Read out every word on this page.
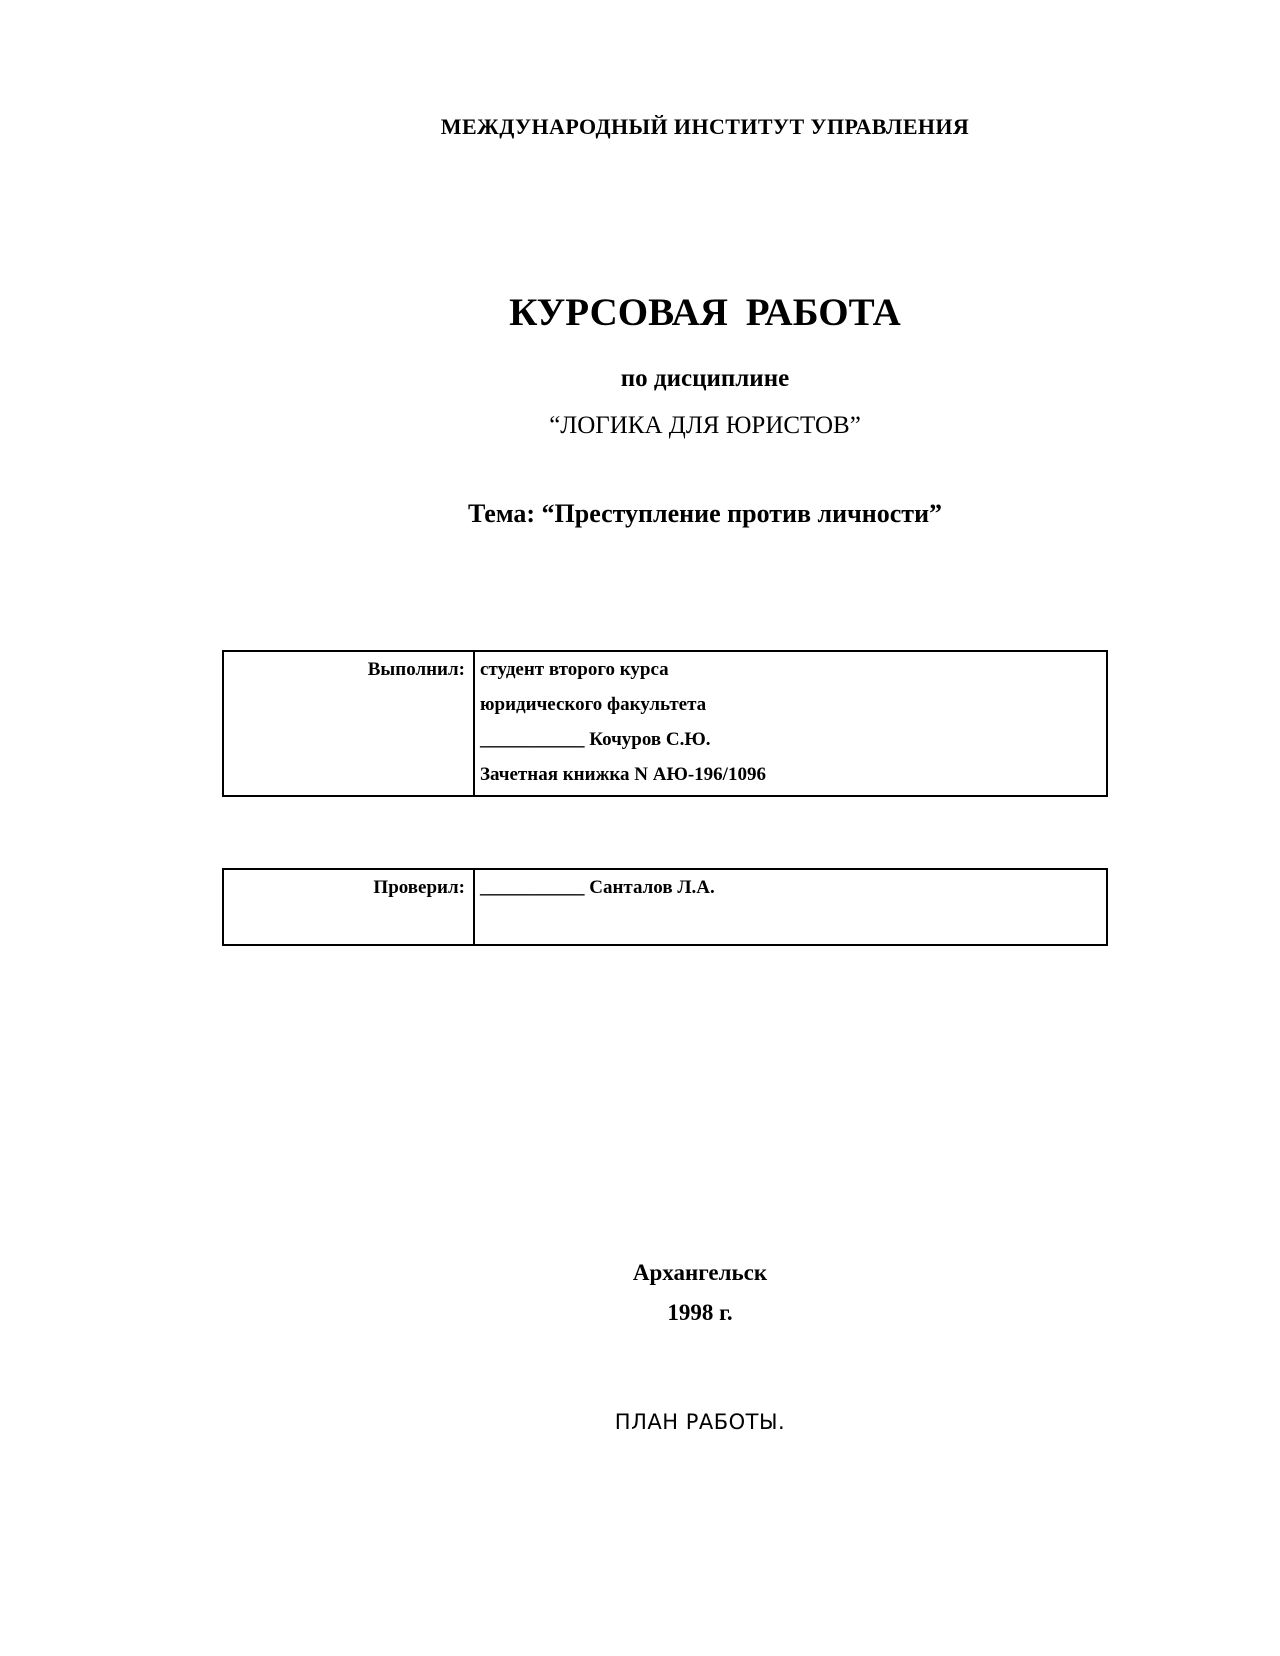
МЕЖДУНАРОДНЫЙ ИНСТИТУТ УПРАВЛЕНИЯ
КУРСОВАЯ РАБОТА
по дисциплине
“ЛОГИКА ДЛЯ ЮРИСТОВ”
Тема: “Преступление против личности”
Выполнил:	студент второго курса
юридического факультета
___________ Кочуров С.Ю.
Зачетная книжка N АЮ-196/1096
Проверил:	___________ Санталов Л.А.
Архангельск
1998 г.
ПЛАН РАБОТЫ.
